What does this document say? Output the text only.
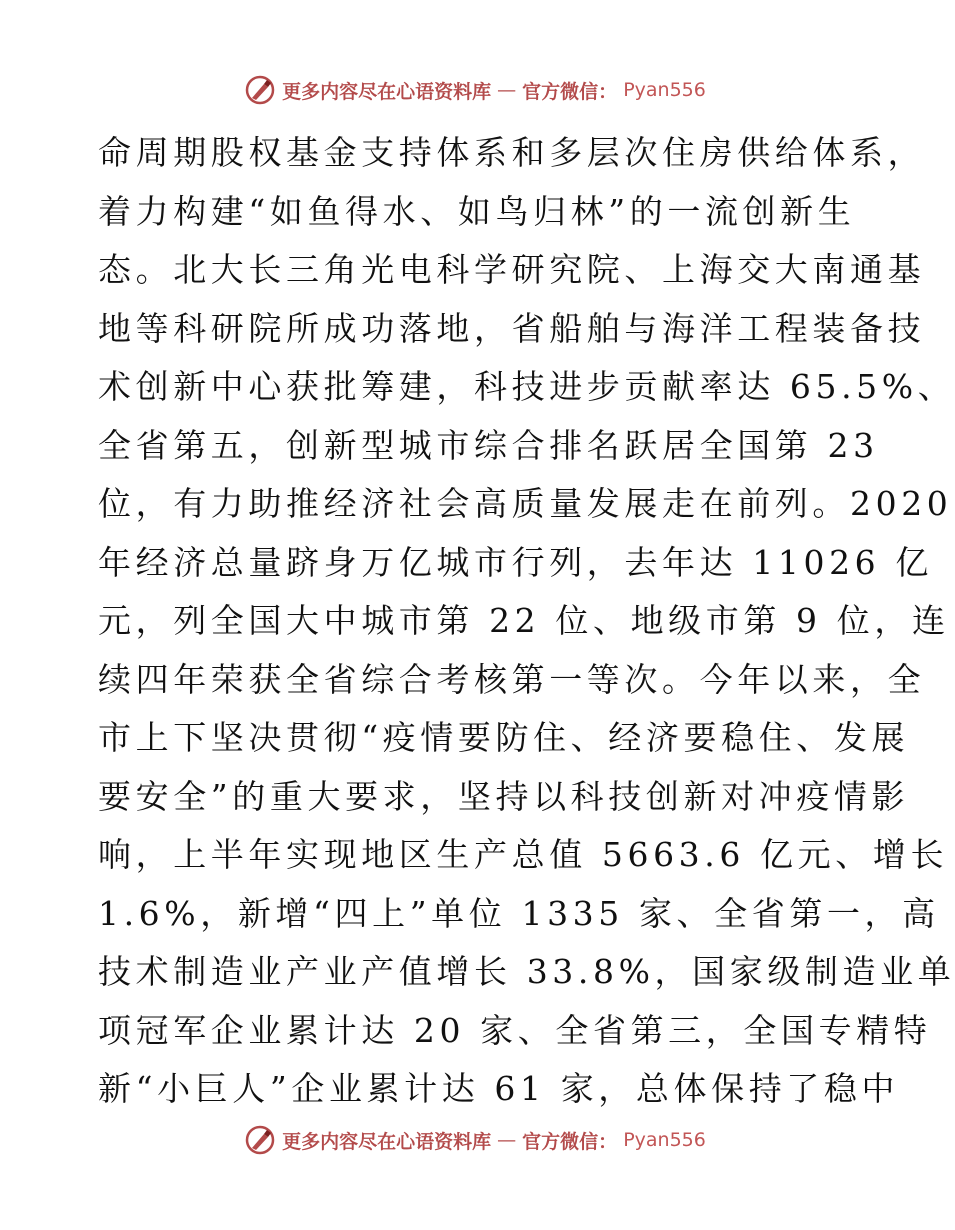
更多内容尽在心语资料库 — 官方微信： Pyan556
命周期股权基金支持体系和多层次住房供给体系，
着力构建“如鱼得水、如鸟归林”的一流创新生
态。北大长三角光电科学研究院、上海交大南通基
地等科研院所成功落地，省船舶与海洋工程装备技
术创新中心获批筹建，科技进步贡献率达 65.5%、
全省第五，创新型城市综合排名跃居全国第 23
位，有力助推经济社会高质量发展走在前列。2020
年经济总量跻身万亿城市行列，去年达 11026 亿
元，列全国大中城市第 22 位、地级市第 9 位，连
续四年荣获全省综合考核第一等次。今年以来，全
市上下坚决贯彻“疫情要防住、经济要稳住、发展
要安全”的重大要求，坚持以科技创新对冲疫情影
响，上半年实现地区生产总值 5663.6 亿元、增长
1.6%，新增“四上”单位 1335 家、全省第一，高
技术制造业产业产值增长 33.8%，国家级制造业单
项冠军企业累计达 20 家、全省第三，全国专精特
新“小巨人”企业累计达 61 家，总体保持了稳中
更多内容尽在心语资料库 — 官方微信： Pyan556
